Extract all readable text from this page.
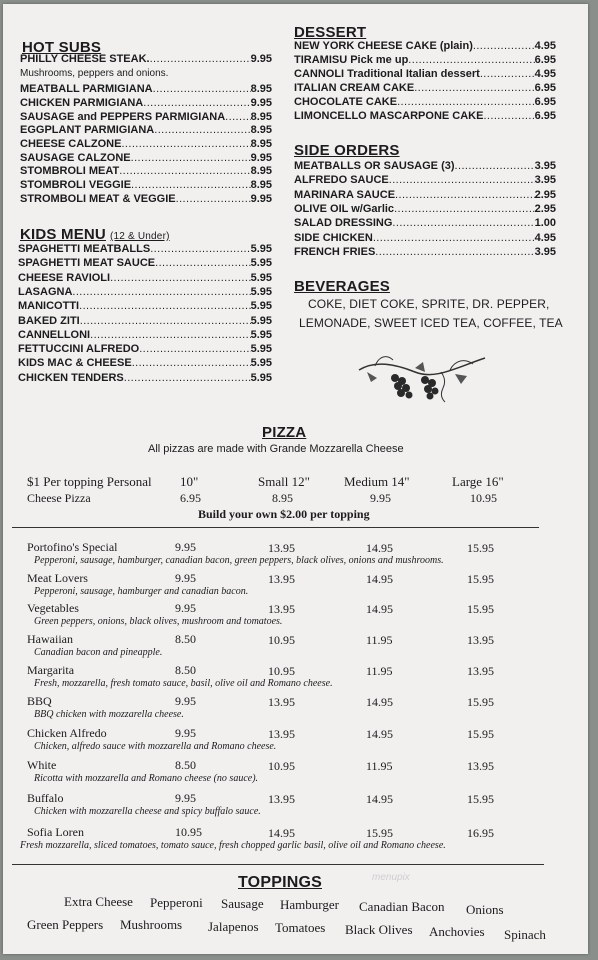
HOT SUBS
PHILLY CHEESE STEAK. .....	9.95
MEATBALL PARMIGIANA .....	8.95
CHICKEN PARMIGIANA .....	9.95
SAUSAGE and PEPPERS PARMIGIANA ..... 8.95
EGGPLANT PARMIGIANA .....	8.95
CHEESE CALZONE .....	8.95
SAUSAGE CALZONE .....	9.95
STOMBROLI MEAT .....	8.95
STOMBROLI VEGGIE .....	8.95
STROMBOLI MEAT & VEGGIE .....	9.95
Mushrooms, peppers and onions.
KIDS MENU (12 & Under)
SPAGHETTI MEATBALLS .....	5.95
SPAGHETTI MEAT SAUCE .....	5.95
CHEESE RAVIOLI .....	5.95
LASAGNA .....	5.95
MANICOTTI .....	5.95
BAKED ZITI .....	5.95
CANNELLONI .....	5.95
FETTUCCINI ALFREDO .....	5.95
KIDS MAC & CHEESE .....	5.95
CHICKEN TENDERS .....	5.95
DESSERT
NEW YORK CHEESE CAKE (plain) .....	4.95
TIRAMISU Pick me up .....	6.95
CANNOLI Traditional Italian dessert .....	4.95
ITALIAN CREAM CAKE .....	6.95
CHOCOLATE CAKE .....	6.95
LIMONCELLO MASCARPONE CAKE .....	6.95
SIDE ORDERS
MEATBALLS OR SAUSAGE (3) .....	3.95
ALFREDO SAUCE .....	3.95
MARINARA SAUCE .....	2.95
OLIVE OIL w/Garlic .....	2.95
SALAD DRESSING .....	1.00
SIDE CHICKEN .....	4.95
FRENCH FRIES .....	3.95
BEVERAGES
COKE, DIET COKE, SPRITE, DR. PEPPER,
LEMONADE, SWEET ICED TEA, COFFEE, TEA
PIZZA
All pizzas are made with Grande Mozzarella Cheese
$1 Per topping Personal 10"	Small 12"	Medium 14"	Large 16"
Cheese Pizza	6.95	8.95	9.95	10.95
Build your own $2.00 per topping
Portofino's Special	9.95	13.95	14.95	15.95
Pepperoni, sausage, hamburger, canadian bacon, green peppers, black olives, onions and mushrooms.
Meat Lovers	9.95	13.95	14.95	15.95
Pepperoni, sausage, hamburger and canadian bacon.
Vegetables	9.95	13.95	14.95	15.95
Green peppers, onions, black olives, mushroom and tomatoes.
Hawaiian	8.50	10.95	11.95	13.95
Canadian bacon and pineapple.
Margarita	8.50	10.95	11.95	13.95
Fresh, mozzarella, fresh tomato sauce, basil, olive oil and Romano cheese.
BBQ	9.95	13.95	14.95	15.95
BBQ chicken with mozzarella cheese.
Chicken Alfredo	9.95	13.95	14.95	15.95
Chicken, alfredo sauce with mozzarella and Romano cheese.
White	8.50	10.95	11.95	13.95
Ricotta with mozzarella and Romano cheese (no sauce).
Buffalo	9.95	13.95	14.95	15.95
Chicken with mozzarella cheese and spicy buffalo sauce.
Sofia Loren	10.95	14.95	15.95	16.95
Fresh mozzarella, sliced tomatoes, tomato sauce, fresh chopped garlic basil, olive oil and Romano cheese.
TOPPINGS
Extra Cheese Pepperoni Sausage Hamburger Canadian Bacon Onions
Green Peppers Mushrooms Jalapenos Tomatoes Black Olives Anchovies Spinach
menupix
